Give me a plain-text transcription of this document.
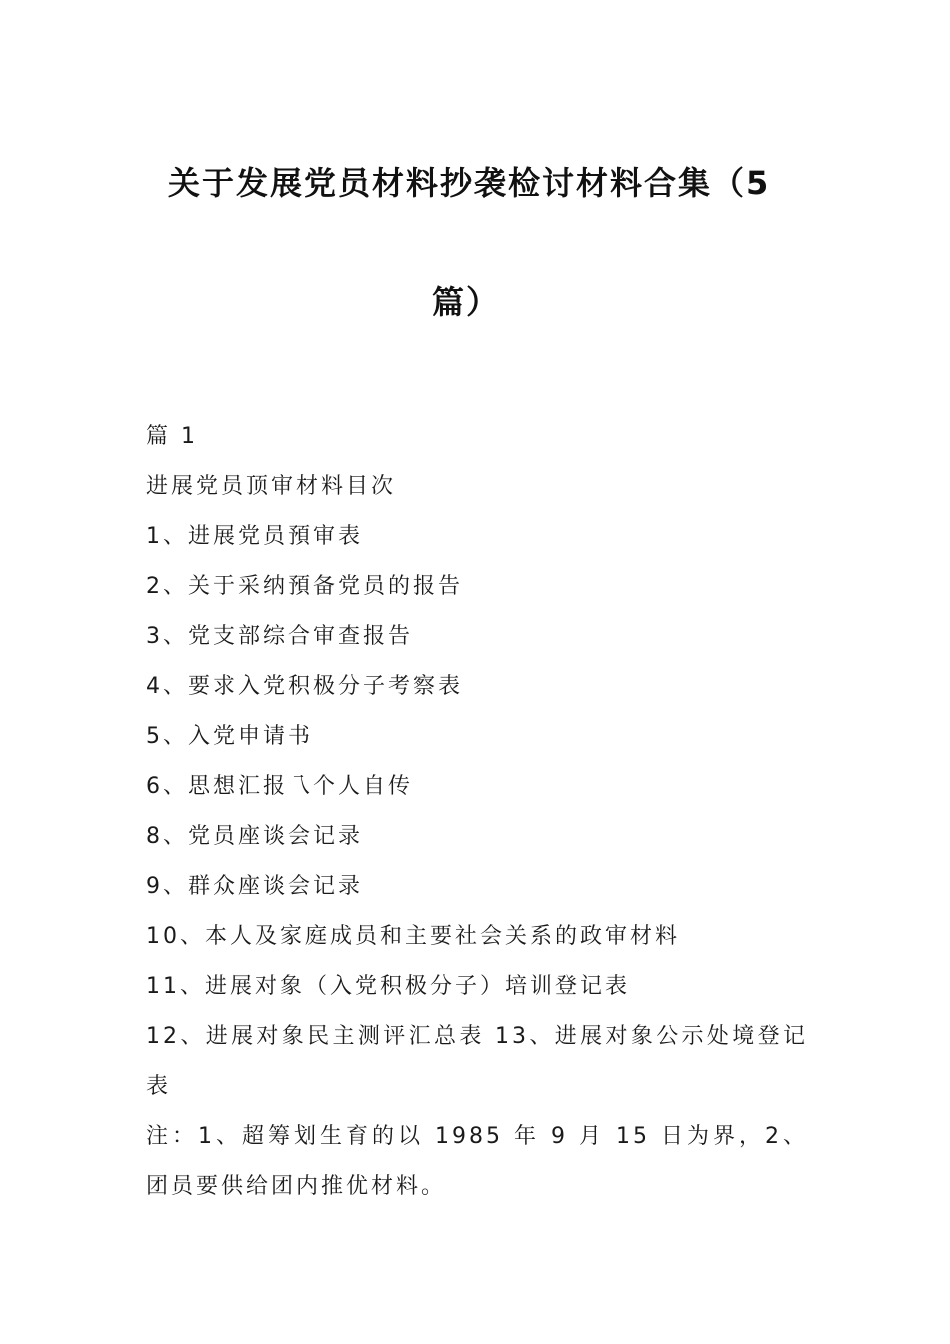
关于发展党员材料抄袭检讨材料合集（5
篇）
篇 1
进展党员顶审材料目次
1、进展党员預审表
2、关于采纳預备党员的报告
3、党支部综合审查报告
4、要求入党积极分子考察表
5、入党申请书
6、思想汇报乁个人自传
8、党员座谈会记录
9、群众座谈会记录
10、本人及家庭成员和主要社会关系的政审材料
11、进展对象（入党积极分子）培训登记表
12、进展对象民主测评汇总表 13、进展对象公示处境登记表
注：1、超筹划生育的以 1985 年 9 月 15 日为界，2、团员要供给团内推优材料。
